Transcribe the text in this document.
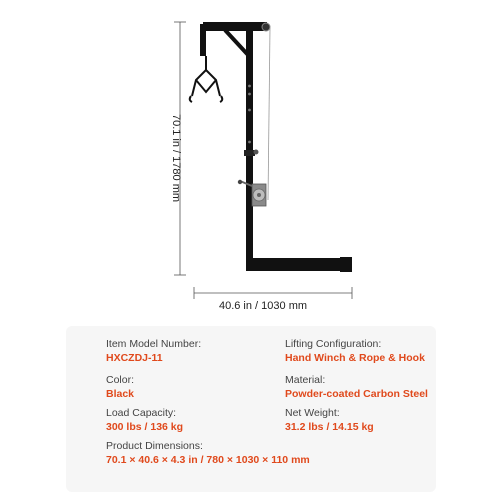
70.1 in / 1780 mm
40.6 in / 1030 mm
Item Model Number:
HXCZDJ-11
Lifting Configuration:
Hand Winch & Rope & Hook
Color:
Black
Material:
Powder-coated Carbon Steel
Load Capacity:
300 lbs / 136 kg
Net Weight:
31.2 lbs / 14.15 kg
Product Dimensions:
70.1 × 40.6 × 4.3 in / 780 × 1030 × 110 mm
